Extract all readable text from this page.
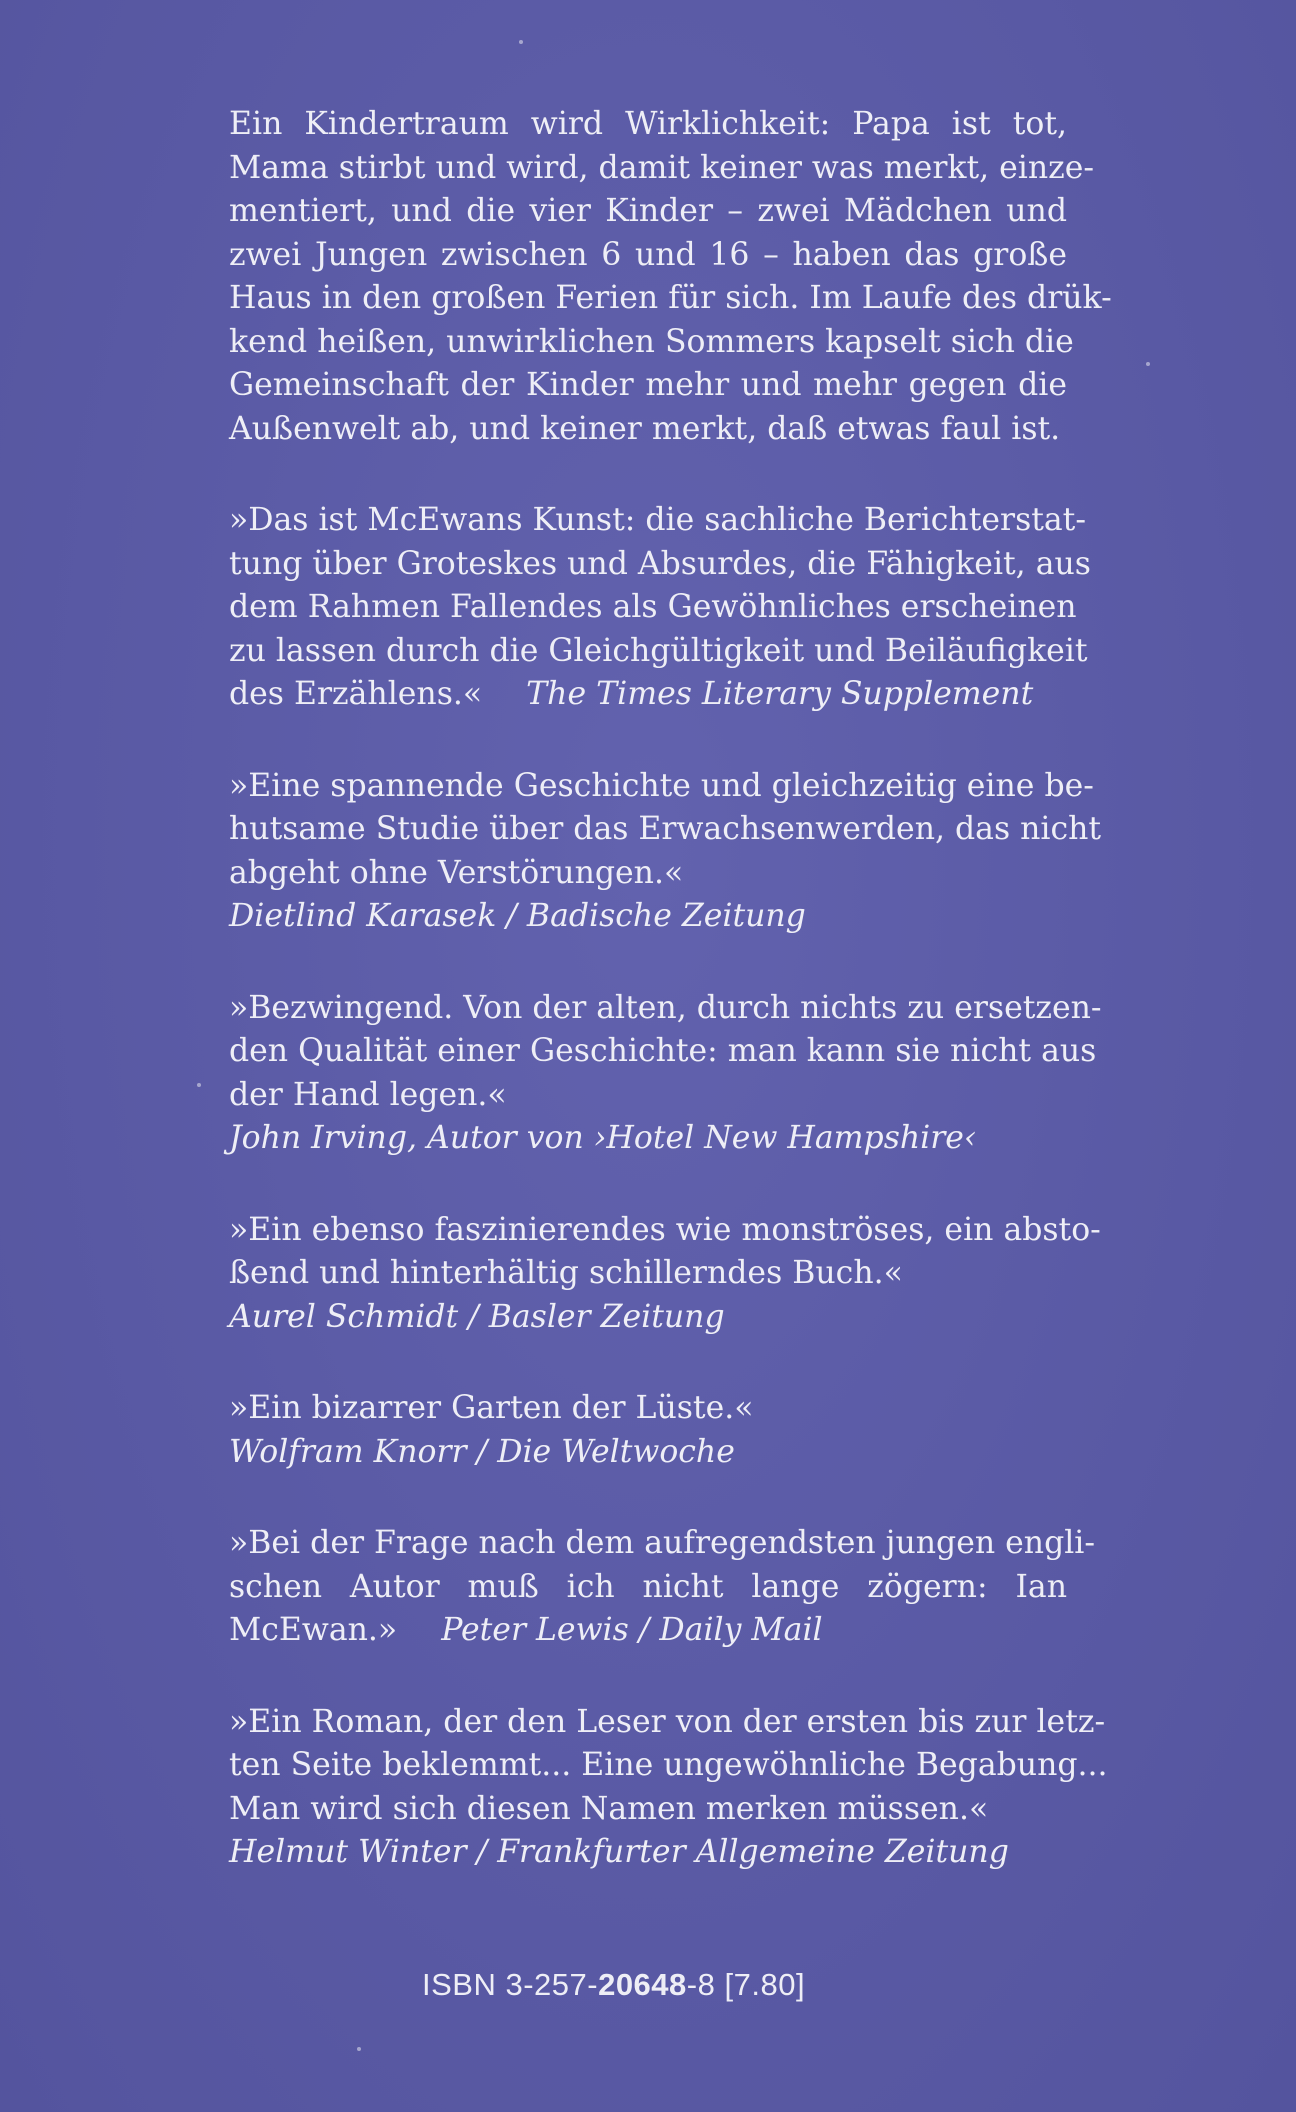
Ein Kindertraum wird Wirklichkeit: Papa ist tot,
Mama stirbt und wird, damit keiner was merkt, einze-
mentiert, und die vier Kinder – zwei Mädchen und
zwei Jungen zwischen 6 und 16 – haben das große
Haus in den großen Ferien für sich. Im Laufe des drük-
kend heißen, unwirklichen Sommers kapselt sich die
Gemeinschaft der Kinder mehr und mehr gegen die
Außenwelt ab, und keiner merkt, daß etwas faul ist.
»Das ist McEwans Kunst: die sachliche Berichterstat-
tung über Groteskes und Absurdes, die Fähigkeit, aus
dem Rahmen Fallendes als Gewöhnliches erscheinen
zu lassen durch die Gleichgültigkeit und Beiläufigkeit
des Erzählens.« The Times Literary Supplement
»Eine spannende Geschichte und gleichzeitig eine be-
hutsame Studie über das Erwachsenwerden, das nicht
abgeht ohne Verstörungen.«
Dietlind Karasek / Badische Zeitung
»Bezwingend. Von der alten, durch nichts zu ersetzen-
den Qualität einer Geschichte: man kann sie nicht aus
der Hand legen.«
John Irving, Autor von ›Hotel New Hampshire‹
»Ein ebenso faszinierendes wie monströses, ein absto-
ßend und hinterhältig schillerndes Buch.«
Aurel Schmidt / Basler Zeitung
»Ein bizarrer Garten der Lüste.«
Wolfram Knorr / Die Weltwoche
»Bei der Frage nach dem aufregendsten jungen engli-
schen Autor muß ich nicht lange zögern: Ian
McEwan.» Peter Lewis / Daily Mail
»Ein Roman, der den Leser von der ersten bis zur letz-
ten Seite beklemmt... Eine ungewöhnliche Begabung...
Man wird sich diesen Namen merken müssen.«
Helmut Winter / Frankfurter Allgemeine Zeitung
ISBN 3-257-20648-8 [7.80]
